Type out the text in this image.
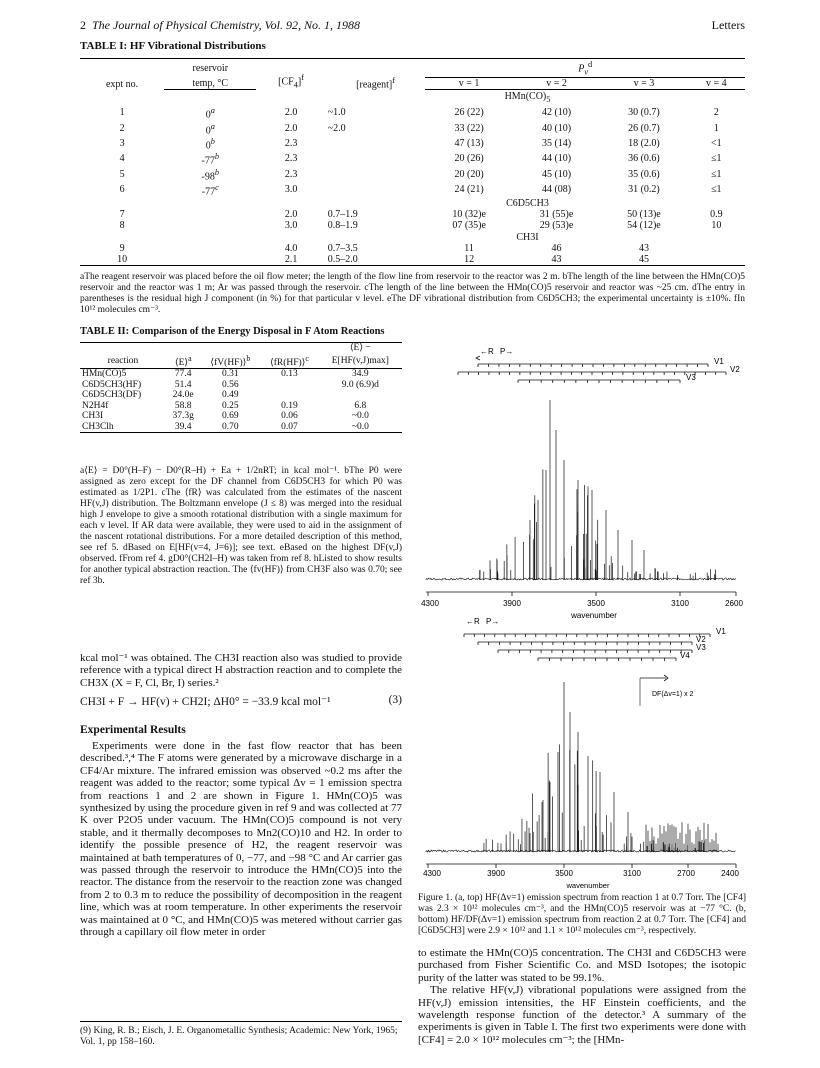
2 The Journal of Physical Chemistry, Vol. 92, No. 1, 1988	Letters
TABLE I: HF Vibrational Distributions
expt no.	reservoir	$[CF_4]^f$	[reagent]$^f$	$P_v^d$
	temp, °C			v = 1	v = 2	v = 3	v = 4
$HMn(CO)_5$
1	0$^a$	2.0	~1.0	26 (22)	42 (10)	30 (0.7)	2
2	0$^a$	2.0	~2.0	33 (22)	40 (10)	26 (0.7)	1
3	0$^b$	2.3		47 (13)	35 (14)	18 (2.0)	<1
4	-77$^b$	2.3		20 (26)	44 (10)	36 (0.6)	≤1
5	-98$^b$	2.3		20 (20)	45 (10)	35 (0.6)	≤1
6	-77$^c$	3.0		24 (21)	44 (08)	31 (0.2)	≤1
C6D5CH3							
7		2.0	0.7–1.9	10 (32)e	31 (55)e	50 (13)e	0.9
8		3.0	0.8–1.9	07 (35)e	29 (53)e	54 (12)e	10
CH3I							
9		4.0	0.7–3.5	11	46	43	
10		2.1	0.5–2.0	12	43	45	
aThe reagent reservoir was placed before the oil flow meter; the length of the flow line from reservoir to the reactor was 2 m. bThe length of the line between the HMn(CO)5 reservoir and the reactor was 1 m; Ar was passed through the reservoir. cThe length of the line between the HMn(CO)5 reservoir and reactor was ~25 cm. dThe entry in parentheses is the residual high J component (in %) for that particular v level. eThe DF vibrational distribution from C6D5CH3; the experimental uncertainty is ±10%. fIn 10¹² molecules cm⁻³.
TABLE II: Comparison of the Energy Disposal in F Atom Reactions
				⟨E⟩ −
reaction	⟨E⟩$^a$	⟨fV(HF)⟩$^b$	⟨fR(HF)⟩$^c$	E[HF(v,J)max]
HMn(CO)5	77.4	0.31	0.13	34.9
C6D5CH3(HF)	51.4	0.56		9.0 (6.9)d
C6D5CH3(DF)	24.0e	0.49		
N2H4f	58.8	0.25	0.19	6.8
CH3I	37.3g	0.69	0.06	~0.0
CH3Clh	39.4	0.70	0.07	~0.0
a⟨E⟩ = D0°(H–F) − D0°(R–H) + Ea + 1/2nRT; in kcal mol⁻¹. bThe P0 were assigned as zero except for the DF channel from C6D5CH3 for which P0 was estimated as 1/2P1. cThe ⟨fR⟩ was calculated from the estimates of the nascent HF(v,J) distribution. The Boltzmann envelope (J ≤ 8) was merged into the residual high J envelope to give a smooth rotational distribution with a single maximum for each v level. If AR data were available, they were used to aid in the assignment of the nascent rotational distributions. For a more detailed description of this method, see ref 5. dBased on E[HF(v=4, J=6)]; see text. eBased on the highest DF(v,J) observed. fFrom ref 4. gD0°(CH2I–H) was taken from ref 8. hListed to show results for another typical abstraction reaction. The ⟨fv(HF)⟩ from CH3F also was 0.70; see ref 3b.

kcal mol⁻¹ was obtained. The CH3I reaction also was studied to provide reference with a typical direct H abstraction reaction and to complete the CH3X (X = F, Cl, Br, I) series.²

CH3I + F → HF(v) + CH2I; ΔH0° = −33.9 kcal mol⁻¹	(3)
Experimental Results
Experiments were done in the fast flow reactor that has been described.³,⁴ The F atoms were generated by a microwave discharge in a CF4/Ar mixture. The infrared emission was observed ~0.2 ms after the reagent was added to the reactor; some typical Δv = 1 emission spectra from reactions 1 and 2 are shown in Figure 1. HMn(CO)5 was synthesized by using the procedure given in ref 9 and was collected at 77 K over P2O5 under vacuum. The HMn(CO)5 compound is not very stable, and it thermally decomposes to Mn2(CO)10 and H2. In order to identify the possible presence of H2, the reagent reservoir was maintained at bath temperatures of 0, −77, and −98 °C and Ar carrier gas was passed through the reservoir to introduce the HMn(CO)5 into the reactor. The distance from the reservoir to the reaction zone was changed from 2 to 0.3 m to reduce the possibility of decomposition in the reagent line, which was at room temperature. In other experiments the reservoir was maintained at 0 °C, and HMn(CO)5 was metered without carrier gas through a capillary oil flow meter in order
(9) King, R. B.; Eisch, J. E. Organometallic Synthesis; Academic: New York, 1965; Vol. 1, pp 158–160.
←R P→
V1
V2
V3
wavenumber
←R P→
V1
V2
V3
V4
DF(Δv=1) x 2
wavenumber
4300	3900	3500	3100	2600
4300	3900	3500	3100	2700	2400
Figure 1. (a, top) HF(Δv=1) emission spectrum from reaction 1 at 0.7 Torr. The [CF4] was 2.3 × 10¹² molecules cm⁻³, and the HMn(CO)5 reservoir was at −77 °C. (b, bottom) HF/DF(Δv=1) emission spectrum from reaction 2 at 0.7 Torr. The [CF4] and [C6D5CH3] were 2.9 × 10¹² and 1.1 × 10¹² molecules cm⁻³, respectively.

to estimate the HMn(CO)5 concentration. The CH3I and C6D5CH3 were purchased from Fisher Scientific Co. and MSD Isotopes; the isotopic purity of the latter was stated to be 99.1%.

The relative HF(v,J) vibrational populations were assigned from the HF(v,J) emission intensities, the HF Einstein coefficients, and the wavelength response function of the detector.³ A summary of the experiments is given in Table I. The first two experiments were done with [CF4] = 2.0 × 10¹² molecules cm⁻³; the [HMn-
